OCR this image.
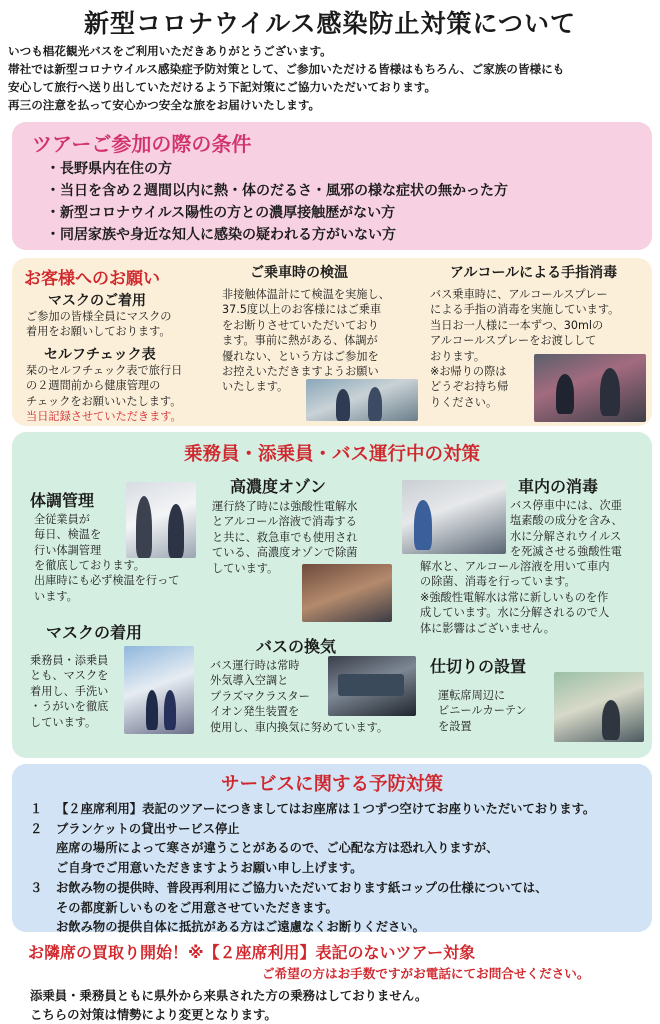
新型コロナウイルス感染防止対策について

いつも椙花観光バスをご利用いただきありがとうございます。

帯社では新型コロナウイルス感染症予防対策として、ご参加いただける皆様はもちろん、ご家族の皆様にも

安心して旅行へ送り出していただけるよう下記対策にご協力いただいております。

再三の注意を払って安心かつ安全な旅をお届けいたします。

ツアーご参加の際の条件
・長野県内在住の方
・当日を含め２週間以内に熱・体のだるさ・風邪の様な症状の無かった方
・新型コロナウイルス陽性の方との濃厚接触歴がない方
・同居家族や身近な知人に感染の疑われる方がいない方
お客様へのお願い
マスクのご着用
ご参加の皆様全員にマスクの
着用をお願いしております。
セルフチェック表
栞のセルフチェック表で旅行日
の２週間前から健康管理の
チェックをお願いいたします。
当日記録させていただきます。
ご乗車時の検温
非接触体温計にて検温を実施し、
37.5度以上のお客様にはご乗車
をお断りさせていただいており
ます。事前に熱がある、体調が
優れない、という方はご参加を
お控えいただきますようお願い
いたします。
アルコールによる手指消毒
バス乗車時に、アルコールスプレー
による手指の消毒を実施しています。
当日お一人様に一本ずつ、30mlの
アルコールスプレーをお渡しして
おります。
※お帰りの際は
どうぞお持ち帰
りください。
乗務員・添乗員・バス運行中の対策
体調管理
全従業員が
毎日、検温を
行い体調管理
を徹底しております。
出庫時にも必ず検温を行って
います。
高濃度オゾン
運行終了時には強酸性電解水
とアルコール溶液で消毒する
と共に、救急車でも使用され
ている、高濃度オゾンで除菌
しています。
車内の消毒
バス停車中には、次亜
塩素酸の成分を含み、
水に分解されウイルス
を死滅させる強酸性電
解水と、アルコール溶液を用いて車内
の除菌、消毒を行っています。
※強酸性電解水は常に新しいものを作
成しています。水に分解されるので人
体に影響はございません。
マスクの着用
乗務員・添乗員
とも、マスクを
着用し、手洗い
・うがいを徹底
しています。
バスの換気
バス運行時は常時
外気導入空調と
プラズマクラスター
イオン発生装置を
使用し、車内換気に努めています。
仕切りの設置
運転席周辺に
ビニールカーテン
を設置
サービスに関する予防対策
１ 【２座席利用】表記のツアーにつきましてはお座席は１つずつ空けてお座りいただいております。
２ ブランケットの貸出サービス停止
座席の場所によって寒さが違うことがあるので、ご心配な方は恐れ入りますが、
ご自身でご用意いただきますようお願い申し上げます。
３ お飲み物の提供時、普段再利用にご協力いただいております紙コップの仕様については、
その都度新しいものをご用意させていただきます。
お飲み物の提供自体に抵抗がある方はご遠慮なくお断りください。
お隣席の買取り開始！※【２座席利用】表記のないツアー対象
ご希望の方はお手数ですがお電話にてお問合せください。
添乗員・乗務員ともに県外から来県された方の乗務はしておりません。
こちらの対策は情勢により変更となります。
